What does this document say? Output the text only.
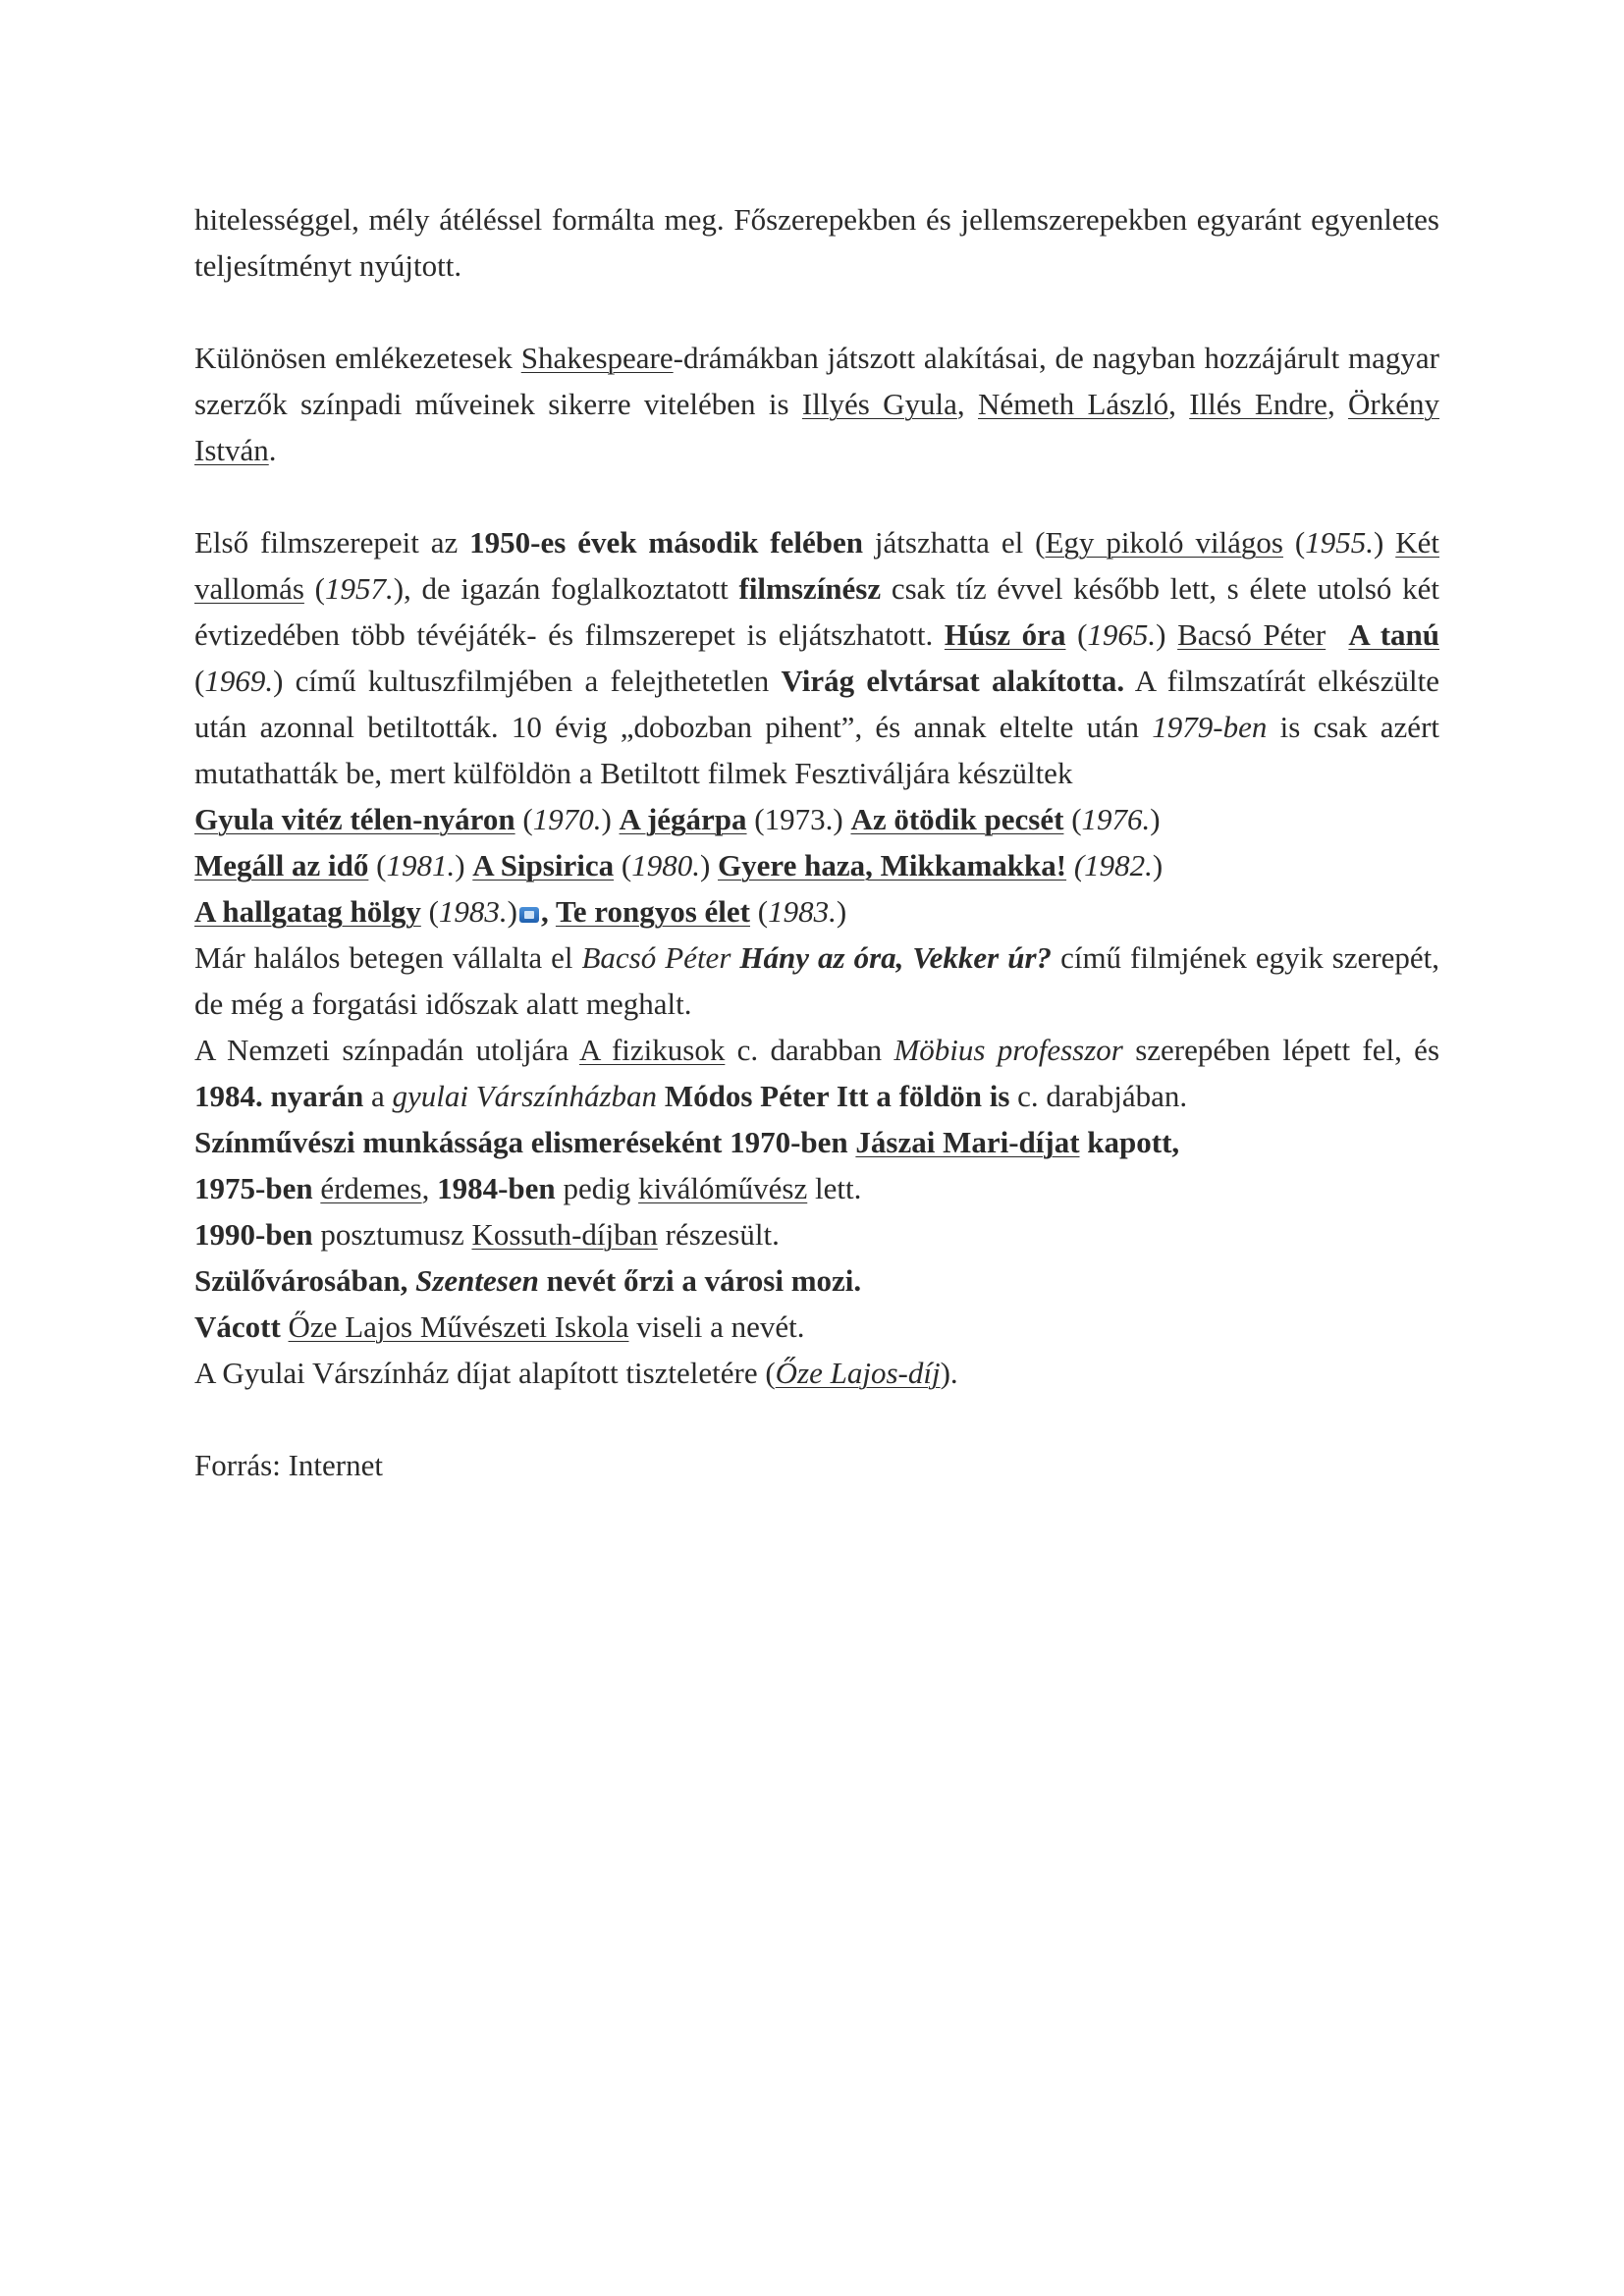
hitelességgel, mély átéléssel formálta meg. Főszerepekben és jellemszerepekben egyaránt egyenletes teljesítményt nyújtott.

Különösen emlékezetesek Shakespeare-drámákban játszott alakításai, de nagyban hozzájárult magyar szerzők színpadi műveinek sikerre vitelében is Illyés Gyula, Németh László, Illés Endre, Örkény István.

Első filmszerepeit az 1950-es évek második felében játszhatta el (Egy pikoló világos (1955.) Két vallomás (1957.), de igazán foglalkoztatott filmszínész csak tíz évvel később lett, s élete utolsó két évtizedében több tévéjáték- és filmszerepet is eljátszhatott. Húsz óra (1965.) Bacsó Péter A tanú (1969.) című kultuszfilmjében a felejthetetlen Virág elvtársat alakította. A filmszatírát elkészülte után azonnal betiltották. 10 évig „dobozban pihent”, és annak eltelte után 1979-ben is csak azért mutathatták be, mert külföldön a Betiltott filmek Fesztiváljára készültek

Gyula vitéz télen-nyáron (1970.) A jégárpa (1973.) Az ötödik pecsét (1976.)

Megáll az idő (1981.) A Sipsirica (1980.) Gyere haza, Mikkamakka! (1982.)

A hallgatag hölgy (1983.) , Te rongyos élet (1983.)

Már halálos betegen vállalta el Bacsó Péter Hány az óra, Vekker úr? című filmjének egyik szerepét, de még a forgatási időszak alatt meghalt.

A Nemzeti színpadán utoljára A fizikusok c. darabban Möbius professzor szerepében lépett fel, és 1984. nyarán a gyulai Várszínházban Módos Péter Itt a földön is c. darabjában.

Színművészi munkássága elismeréseként 1970-ben Jászai Mari-díjat kapott,

1975-ben érdemes, 1984-ben pedig kiválóművész lett.

1990-ben posztumusz Kossuth-díjban részesült.

Szülővárosában, Szentesen nevét őrzi a városi mozi.

Vácott Őze Lajos Művészeti Iskola viseli a nevét.

A Gyulai Várszínház díjat alapított tiszteletére (Őze Lajos-díj).

Forrás: Internet
